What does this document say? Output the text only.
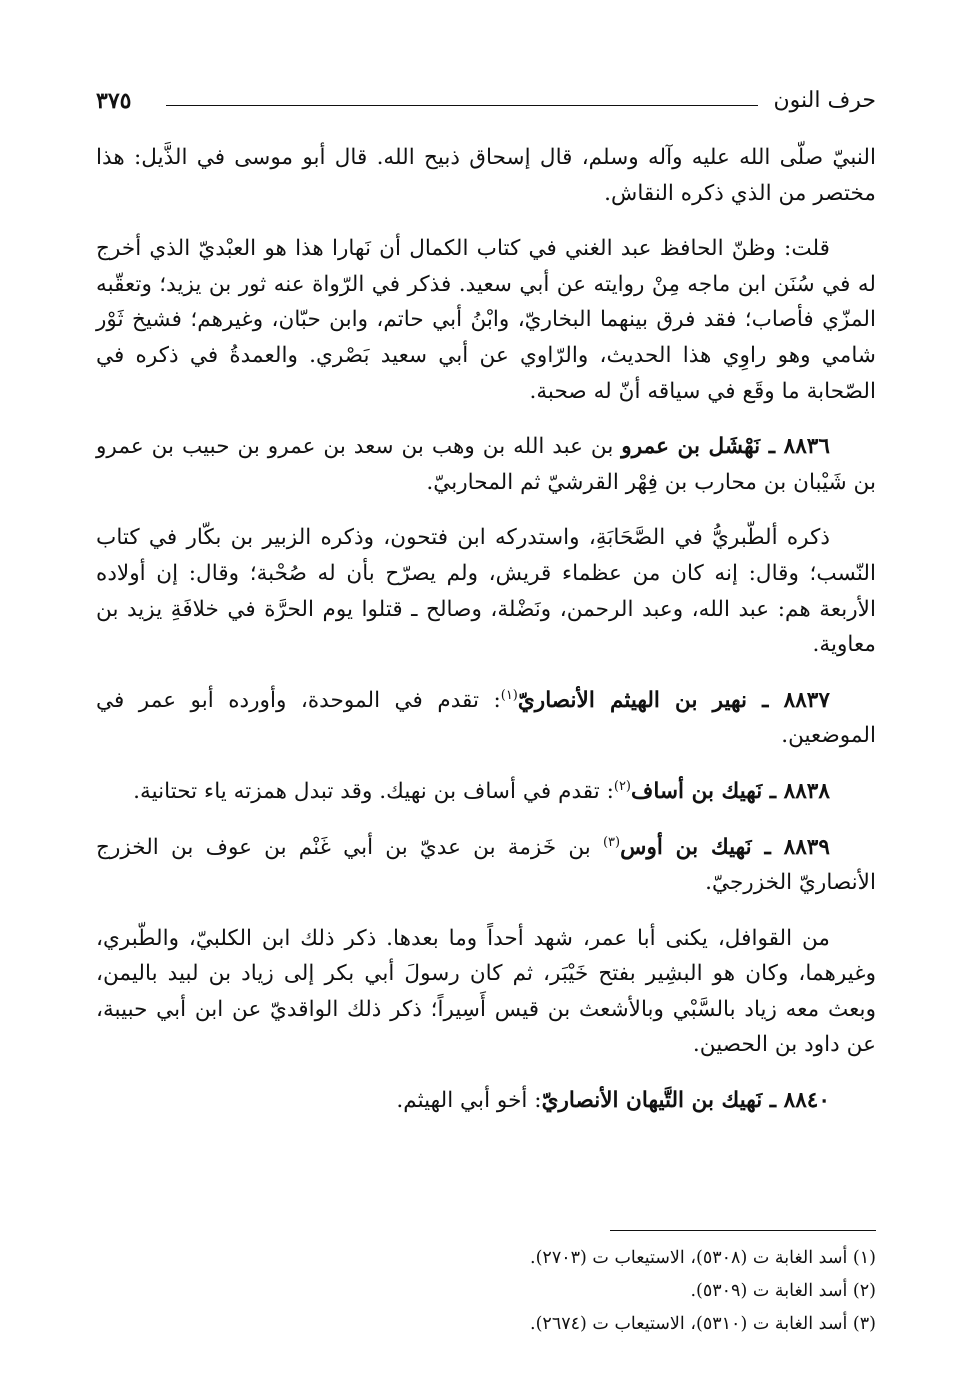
حرف النون
٣٧٥

النبيّ صلّى الله عليه وآله وسلم، قال إسحاق ذبيح الله. قال أبو موسى في الذَّيل: هذا مختصر من الذي ذكره النقاش.

قلت: وظنّ الحافظ عبد الغني في كتاب الكمال أن نَهارا هذا هو العبْديّ الذي أخرج له في سُنَن ابن ماجه مِنْ روايته عن أبي سعيد. فذكر في الرّواة عنه ثور بن يزيد؛ وتعقّبه المزّي فأصاب؛ فقد فرق بينهما البخاريّ، وابْنُ أبي حاتم، وابن حبّان، وغيرهم؛ فشيخ ثَوْر شامي وهو راوِي هذا الحديث، والرّاوي عن أبي سعيد بَصْري. والعمدةُ في ذكره في الصّحابة ما وقَع في سياقه أنّ له صحبة.

٨٨٣٦ ـ نَهْشَل بن عمرو بن عبد الله بن وهب بن سعد بن عمرو بن حبيب بن عمرو بن شَيْبان بن محارب بن فِهْر القرشيّ ثم المحاربيّ.

ذكره ألطّبريُّ في الصَّحَابَةِ، واستدركه ابن فتحون، وذكره الزبير بن بكّار في كتاب النّسب؛ وقال: إنه كان من عظماء قريش، ولم يصرّح بأن له صُحْبة؛ وقال: إن أولاده الأربعة هم: عبد الله، وعبد الرحمن، ونَضْلة، وصالح ـ قتلوا يوم الحرَّة في خلافَةِ يزيد بن معاوية.

٨٨٣٧ ـ نهير بن الهيثم الأنصاريّ$^{(١)}$: تقدم في الموحدة، وأورده أبو عمر في الموضعين.

٨٨٣٨ ـ نَهيك بن أساف$^{(٢)}$: تقدم في أساف بن نهيك. وقد تبدل همزته ياء تحتانية.

٨٨٣٩ ـ نَهيك بن أوس$^{(٣)}$ بن خَزمة بن عديّ بن أبي غَنْم بن عوف بن الخزرج الأنصاريّ الخزرجيّ.

من القوافل، يكنى أبا عمر، شهد أحداً وما بعدها. ذكر ذلك ابن الكلبيّ، والطّبري، وغيرهما، وكان هو البشِير بفتح خَيْبَر، ثم كان رسولَ أبي بكر إلى زياد بن لبيد باليمن، وبعث معه زياد بالسَّبْي وبالأشعث بن قيس أَسِيراً؛ ذكر ذلك الواقديّ عن ابن أبي حبيبة، عن داود بن الحصين.

٨٨٤٠ ـ نَهيك بن التَّيهان الأنصاريّ: أخو أبي الهيثم.

(١) أسد الغابة ت (٥٣٠٨)، الاستيعاب ت (٢٧٠٣).

(٢) أسد الغابة ت (٥٣٠٩).

(٣) أسد الغابة ت (٥٣١٠)، الاستيعاب ت (٢٦٧٤).
